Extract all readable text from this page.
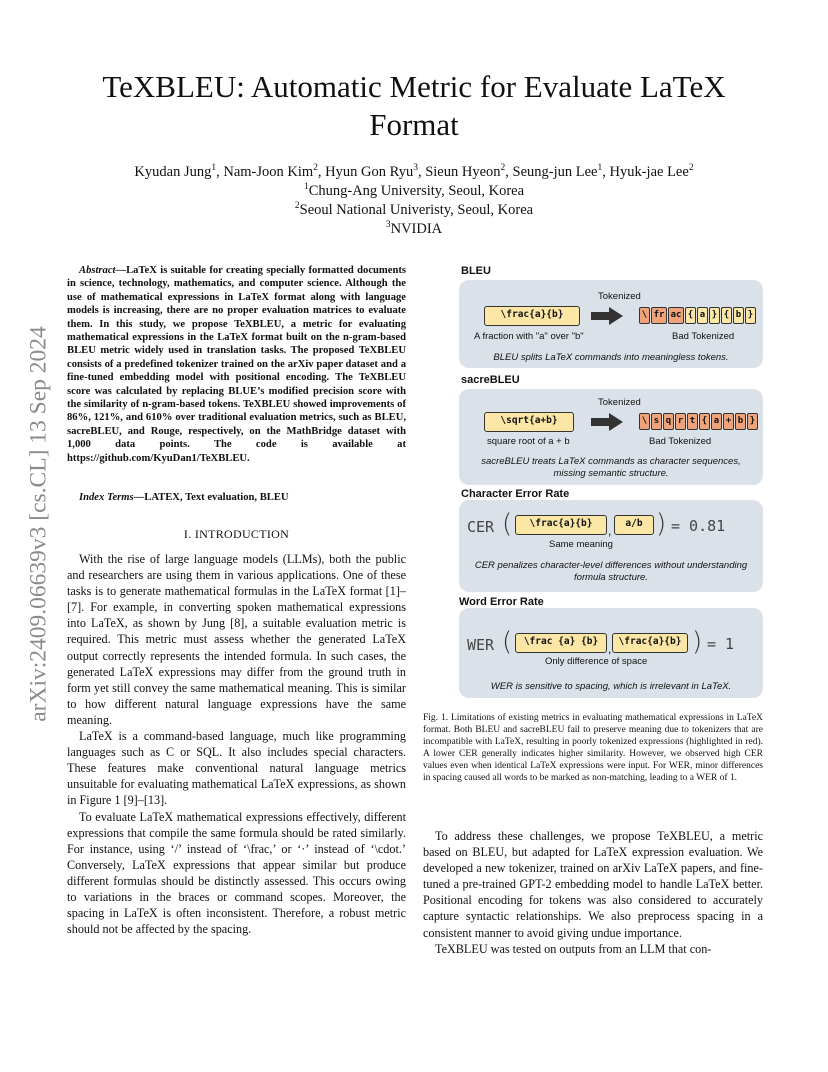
arXiv:2409.06639v3 [cs.CL] 13 Sep 2024
TeXBLEU: Automatic Metric for Evaluate LaTeX Format
Kyudan Jung$^1$, Nam-Joon Kim$^2$, Hyun Gon Ryu$^3$, Sieun Hyeon$^2$, Seung-jun Lee$^1$, Hyuk-jae Lee$^2$
$^1$Chung-Ang University, Seoul, Korea
$^2$Seoul National Univeristy, Seoul, Korea
$^3$NVIDIA
Abstract—LaTeX is suitable for creating specially formatted documents in science, technology, mathematics, and computer science. Although the use of mathematical expressions in LaTeX format along with language models is increasing, there are no proper evaluation matrices to evaluate them. In this study, we propose TeXBLEU, a metric for evaluating mathematical expressions in the LaTeX format built on the n-gram-based BLEU metric widely used in translation tasks. The proposed TeXBLEU consists of a predefined tokenizer trained on the arXiv paper dataset and a fine-tuned embedding model with positional encoding. The TeXBLEU score was calculated by replacing BLUE’s modified precision score with the similarity of n-gram-based tokens. TeXBLEU showed improvements of 86%, 121%, and 610% over traditional evaluation metrics, such as BLEU, sacreBLEU, and Rouge, respectively, on the MathBridge dataset with 1,000 data points. The code is available at https://github.com/KyuDan1/TeXBLEU.
Index Terms—LATEX, Text evaluation, BLEU
I. INTRODUCTION

With the rise of large language models (LLMs), both the public and researchers are using them in various applications. One of these tasks is to generate mathematical formulas in the LaTeX format [1]–[7]. For example, in converting spoken mathematical expressions into LaTeX, as shown by Jung [8], a suitable evaluation metric is required. This metric must assess whether the generated LaTeX output correctly represents the intended formula. In such cases, the generated LaTeX expressions may differ from the ground truth in form yet still convey the same mathematical meaning. This is similar to how different natural language expressions have the same meaning.

LaTeX is a command-based language, much like programming languages such as C or SQL. It also includes special characters. These features make conventional natural language metrics unsuitable for evaluating mathematical LaTeX expressions, as shown in Figure 1 [9]–[13].

To evaluate LaTeX mathematical expressions effectively, different expressions that compile the same formula should be rated similarly. For instance, using ‘/’ instead of ‘\frac,’ or ‘·’ instead of ‘\cdot.’ Conversely, LaTeX expressions that appear similar but produce different formulas should be distinctly assessed. This occurs owing to variations in the braces or command scopes. Moreover, the spacing in LaTeX is often inconsistent. Therefore, a robust metric should not be affected by the spacing.

BLEU
Tokenized
\frac{a}{b}	\ fr ac { a } { b }
A fraction with "a" over "b"	Bad Tokenized
BLEU splits LaTeX commands into meaningless tokens.
sacreBLEU
Tokenized
\sqrt{a+b}	\ s q r t { a + b }
square root of a + b	Bad Tokenized
sacreBLEU treats LaTeX commands as character sequences,
missing semantic structure.
Character Error Rate
CER (	\frac{a}{b}
,
a/b ) = 0.81
Same meaning
CER penalizes character-level differences without understanding
formula structure.
Word Error Rate
WER (	\frac {a} {b}
,
\frac{a}{b} ) = 1
Only difference of space
WER is sensitive to spacing, which is irrelevant in LaTeX.
Fig. 1. Limitations of existing metrics in evaluating mathematical expressions in LaTeX format. Both BLEU and sacreBLEU fail to preserve meaning due to tokenizers that are incompatible with LaTeX, resulting in poorly tokenized expressions (highlighted in red). A lower CER generally indicates higher similarity. However, we observed high CER values even when identical LaTeX expressions were input. For WER, minor differences in spacing caused all words to be marked as non-matching, leading to a WER of 1.

To address these challenges, we propose TeXBLEU, a metric based on BLEU, but adapted for LaTeX expression evaluation. We developed a new tokenizer, trained on arXiv LaTeX papers, and fine-tuned a pre-trained GPT-2 embedding model to handle LaTeX better. Positional encoding for tokens was also considered to accurately capture syntactic relationships. We also preprocess spacing in a consistent manner to avoid giving undue importance.

TeXBLEU was tested on outputs from an LLM that con-
